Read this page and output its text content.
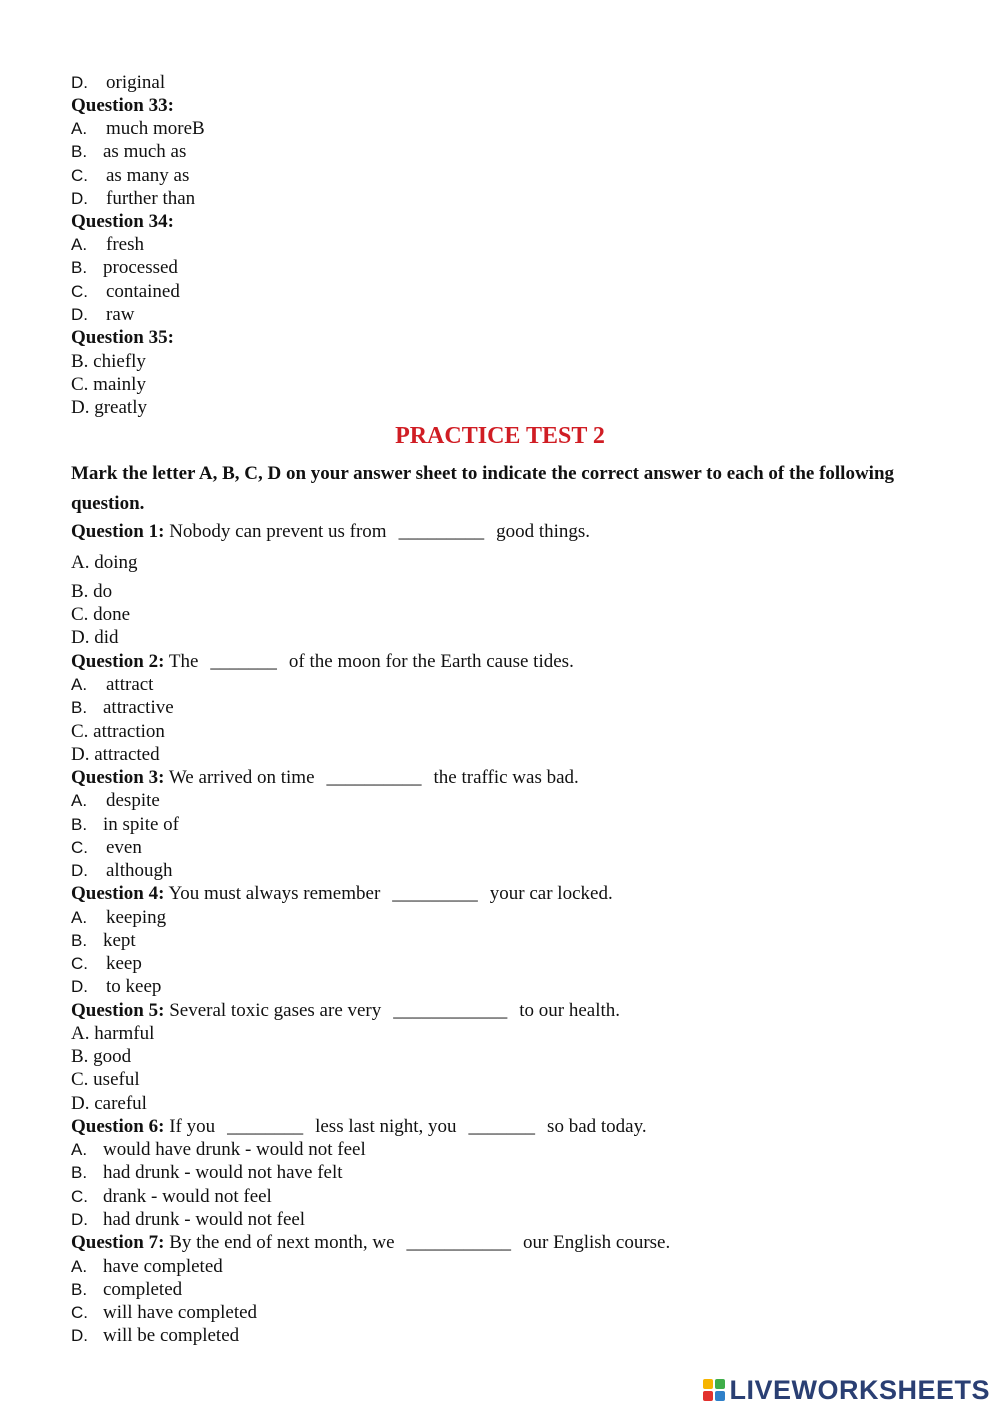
D. original
Question 33:
A. much moreB
B. as much as
C. as many as
D. further than
Question 34:
A. fresh
B. processed
C. contained
D. raw
Question 35:
B. chiefly
C. mainly
D. greatly
PRACTICE TEST 2
Mark the letter A, B, C, D on your answer sheet to indicate the correct answer to each of the following question.
Question 1: Nobody can prevent us from _________ good things.
A. doing
B. do
C. done
D. did
Question 2: The _______ of the moon for the Earth cause tides.
A. attract
B. attractive
C. attraction
D. attracted
Question 3: We arrived on time __________ the traffic was bad.
A. despite
B. in spite of
C. even
D. although
Question 4: You must always remember _________ your car locked.
A. keeping
B. kept
C. keep
D. to keep
Question 5: Several toxic gases are very ____________ to our health.
A. harmful
B. good
C. useful
D. careful
Question 6: If you ________ less last night, you _______ so bad today.
A. would have drunk - would not feel
B. had drunk - would not have felt
C. drank - would not feel
D. had drunk - would not feel
Question 7: By the end of next month, we ___________ our English course.
A. have completed
B. completed
C. will have completed
D. will be completed
LIVEWORKSHEETS
